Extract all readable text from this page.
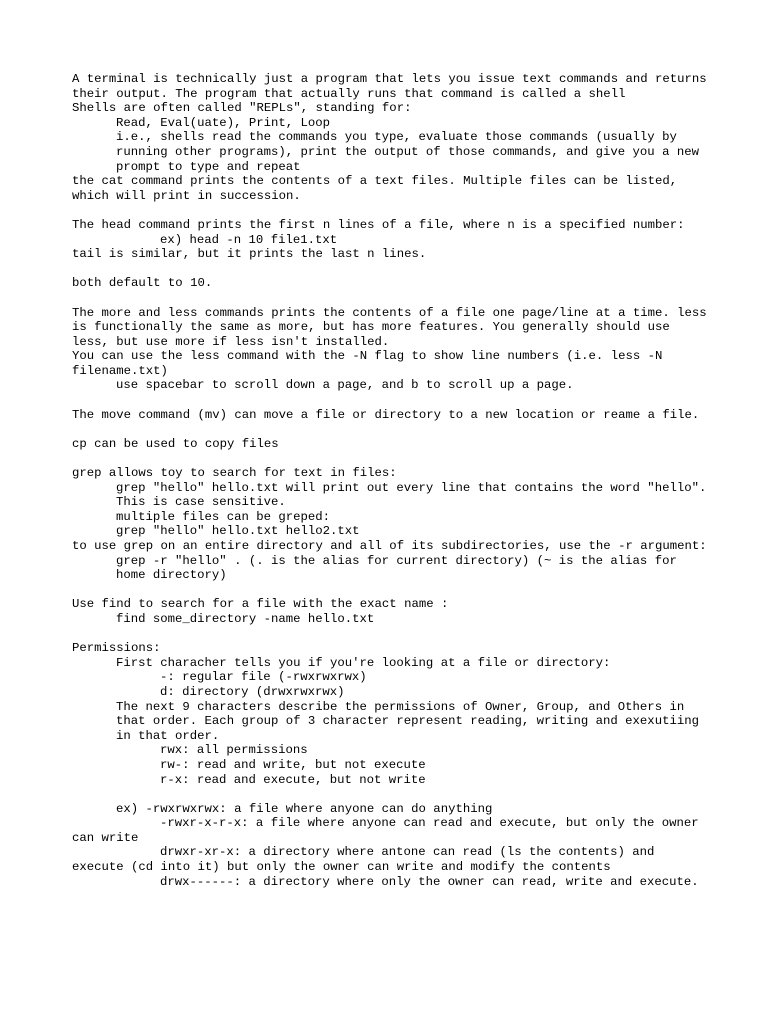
A terminal is technically just a program that lets you issue text commands and returns their output. The program that actually runs that command is called a shell

Shells are often called "REPLs", standing for:

Read, Eval(uate), Print, Loop

i.e., shells read the commands you type, evaluate those commands (usually by running other programs), print the output of those commands, and give you a new prompt to type and repeat

the cat command prints the contents of a text files. Multiple files can be listed, which will print in succession.

The head command prints the first n lines of a file, where n is a specified number:

ex) head -n 10 file1.txt

tail is similar, but it prints the last n lines.

both default to 10.

The more and less commands prints the contents of a file one page/line at a time. less is functionally the same as more, but has more features. You generally should use less, but use more if less isn't installed.

You can use the less command with the -N flag to show line numbers (i.e. less -N filename.txt)

use spacebar to scroll down a page, and b to scroll up a page.

The move command (mv) can move a file or directory to a new location or reame a file.

cp can be used to copy files

grep allows toy to search for text in files:

grep "hello" hello.txt will print out every line that contains the word "hello". This is case sensitive.

multiple files can be greped:

grep "hello" hello.txt hello2.txt

to use grep on an entire directory and all of its subdirectories, use the -r argument:

grep -r "hello" . (. is the alias for current directory) (~ is the alias for home directory)

Use find to search for a file with the exact name :

find some_directory -name hello.txt

Permissions:

First characher tells you if you're looking at a file or directory:

-: regular file (-rwxrwxrwx)

d: directory (drwxrwxrwx)

The next 9 characters describe the permissions of Owner, Group, and Others in that order. Each group of 3 character represent reading, writing and exexutiing in that order.

rwx: all permissions

rw-: read and write, but not execute

r-x: read and execute, but not write

ex) -rwxrwxrwx: a file where anyone can do anything

-rwxr-x-r-x: a file where anyone can read and execute, but only the owner can write

drwxr-xr-x: a directory where antone can read (ls the contents) and execute (cd into it) but only the owner can write and modify the contents

drwx------: a directory where only the owner can read, write and execute.
